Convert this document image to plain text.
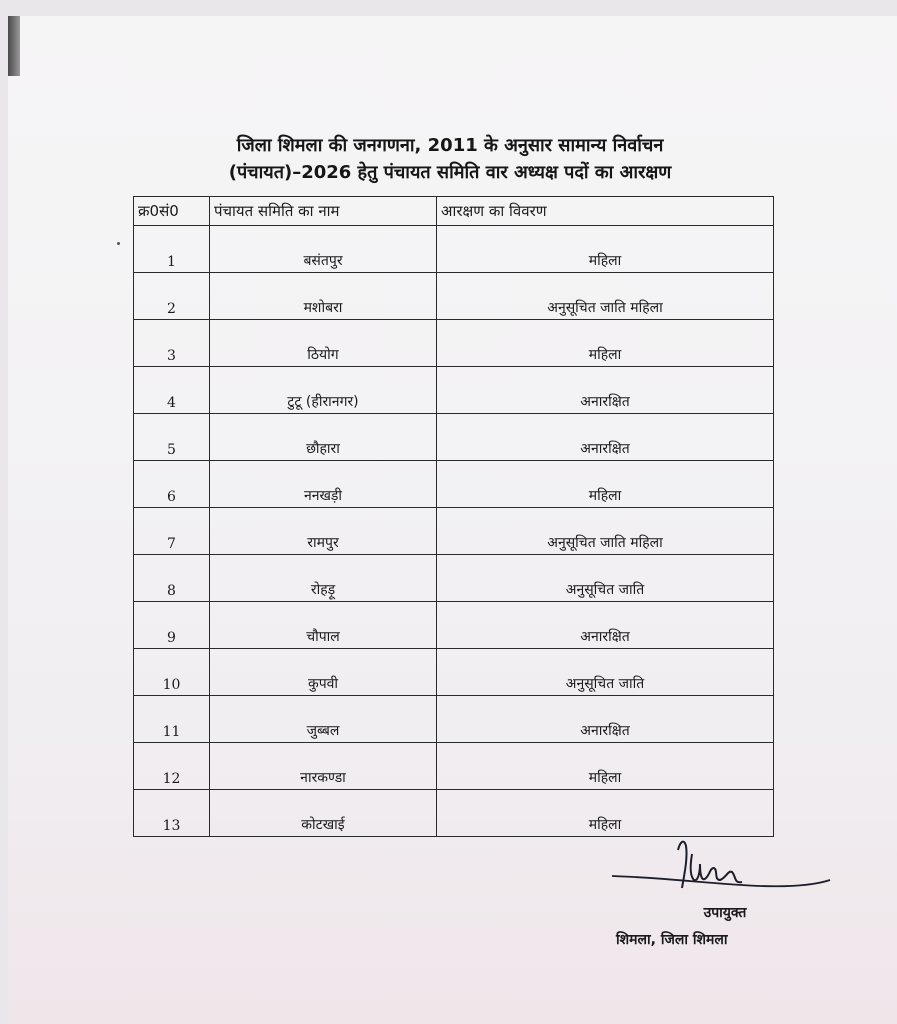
जिला शिमला की जनगणना, 2011 के अनुसार सामान्य निर्वाचन
(पंचायत)–2026 हेतु पंचायत समिति वार अध्यक्ष पदों का आरक्षण
क्र0सं0	पंचायत समिति का नाम	आरक्षण का विवरण
1	बसंतपुर	महिला
2	मशोबरा	अनुसूचित जाति महिला
3	ठियोग	महिला
4	टुटू (हीरानगर)	अनारक्षित
5	छौहारा	अनारक्षित
6	ननखड़ी	महिला
7	रामपुर	अनुसूचित जाति महिला
8	रोहड़ू	अनुसूचित जाति
9	चौपाल	अनारक्षित
10	कुपवी	अनुसूचित जाति
11	जुब्बल	अनारक्षित
12	नारकण्डा	महिला
13	कोटखाई	महिला
उपायुक्त
शिमला, जिला शिमला
